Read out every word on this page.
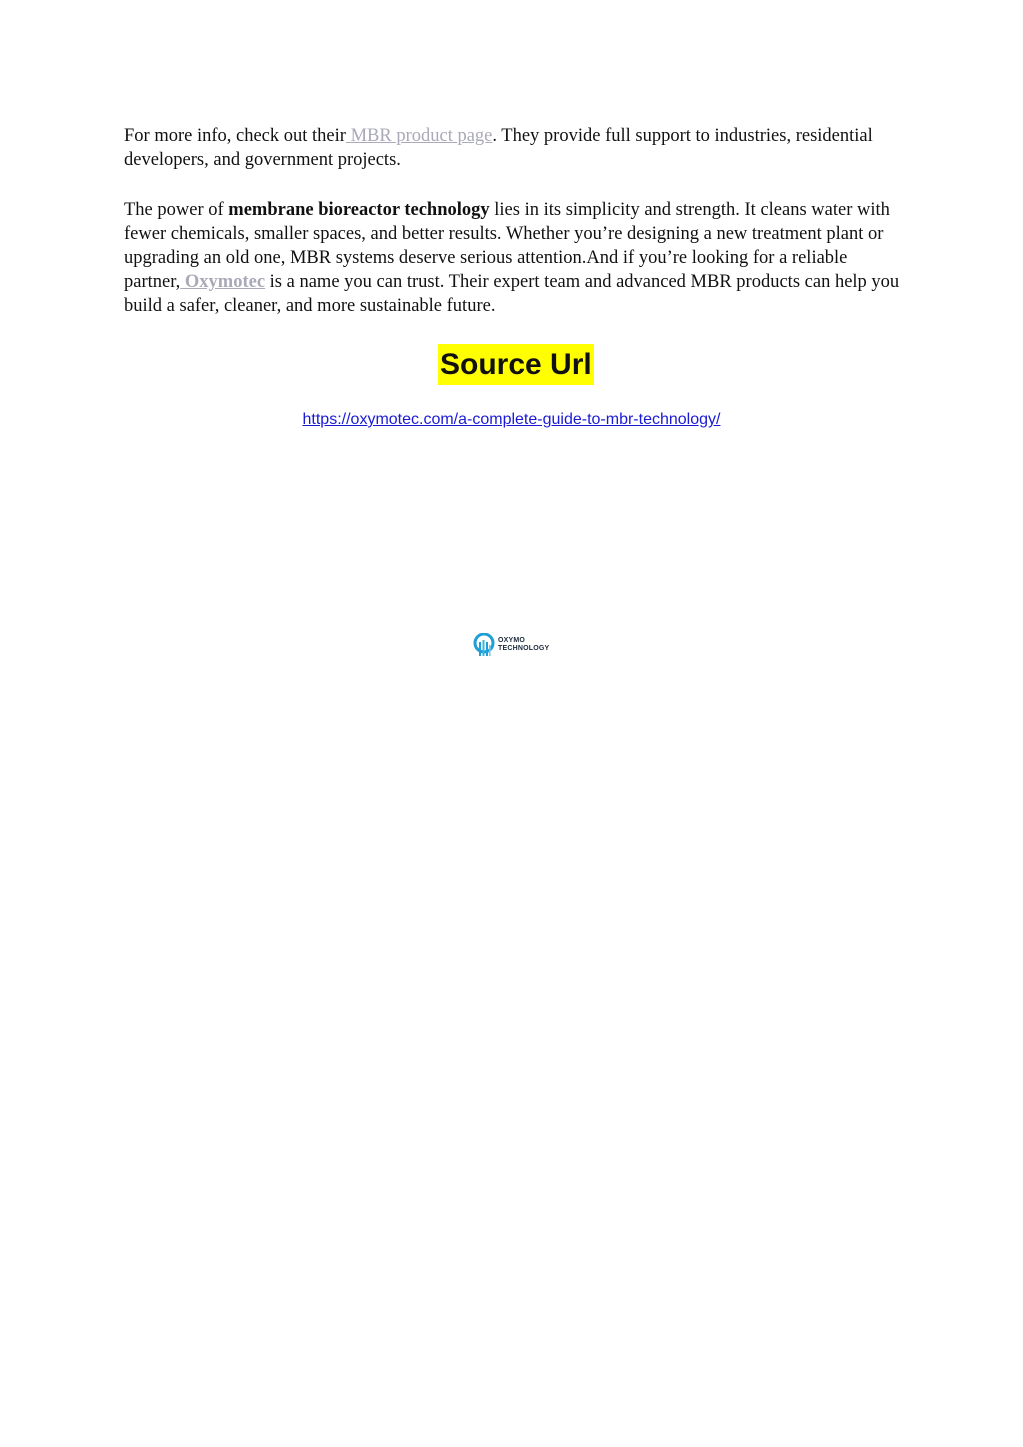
For more info, check out their MBR product page. They provide full support to industries, residential developers, and government projects.

The power of membrane bioreactor technology lies in its simplicity and strength. It cleans water with fewer chemicals, smaller spaces, and better results. Whether you’re designing a new treatment plant or upgrading an old one, MBR systems deserve serious attention.And if you’re looking for a reliable partner, Oxymotec is a name you can trust. Their expert team and advanced MBR products can help you build a safer, cleaner, and more sustainable future.

Source Url
https://oxymotec.com/a-complete-guide-to-mbr-technology/
OXYMO
TECHNOLOGY
